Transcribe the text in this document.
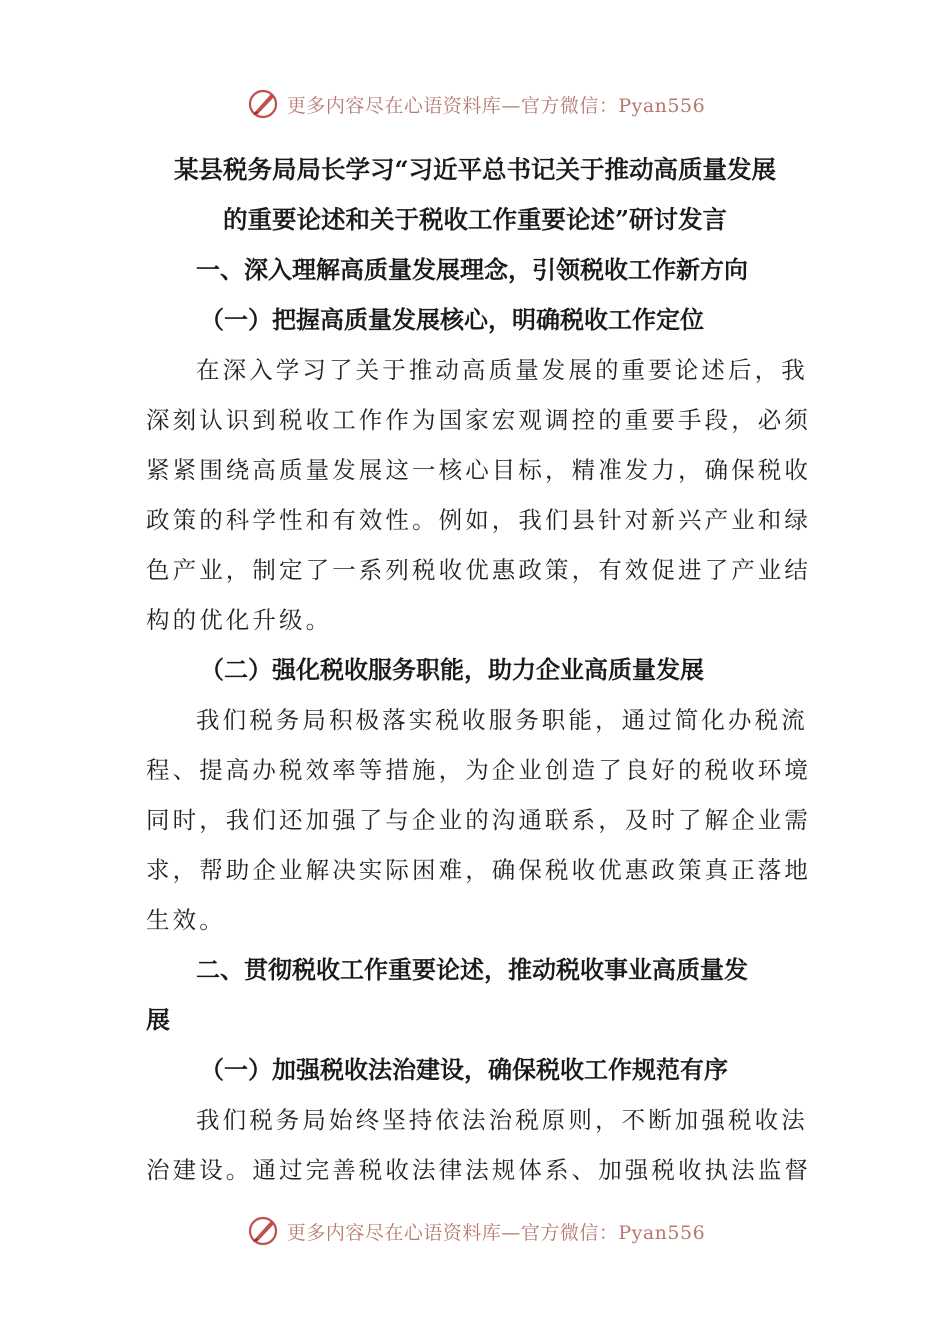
更多内容尽在心语资料库—官方微信：Pyan556
某县税务局局长学习“习近平总书记关于推动高质量发展
的重要论述和关于税收工作重要论述”研讨发言
一、深入理解高质量发展理念，引领税收工作新方向
（一）把握高质量发展核心，明确税收工作定位
在深入学习了关于推动高质量发展的重要论述后，我
深刻认识到税收工作作为国家宏观调控的重要手段，必须
紧紧围绕高质量发展这一核心目标，精准发力，确保税收
政策的科学性和有效性。例如，我们县针对新兴产业和绿
色产业，制定了一系列税收优惠政策，有效促进了产业结
构的优化升级。
（二）强化税收服务职能，助力企业高质量发展
我们税务局积极落实税收服务职能，通过简化办税流
程、提高办税效率等措施，为企业创造了良好的税收环境
同时，我们还加强了与企业的沟通联系，及时了解企业需
求，帮助企业解决实际困难，确保税收优惠政策真正落地
生效。
二、贯彻税收工作重要论述，推动税收事业高质量发
展
（一）加强税收法治建设，确保税收工作规范有序
我们税务局始终坚持依法治税原则，不断加强税收法
治建设。通过完善税收法律法规体系、加强税收执法监督
更多内容尽在心语资料库—官方微信：Pyan556
